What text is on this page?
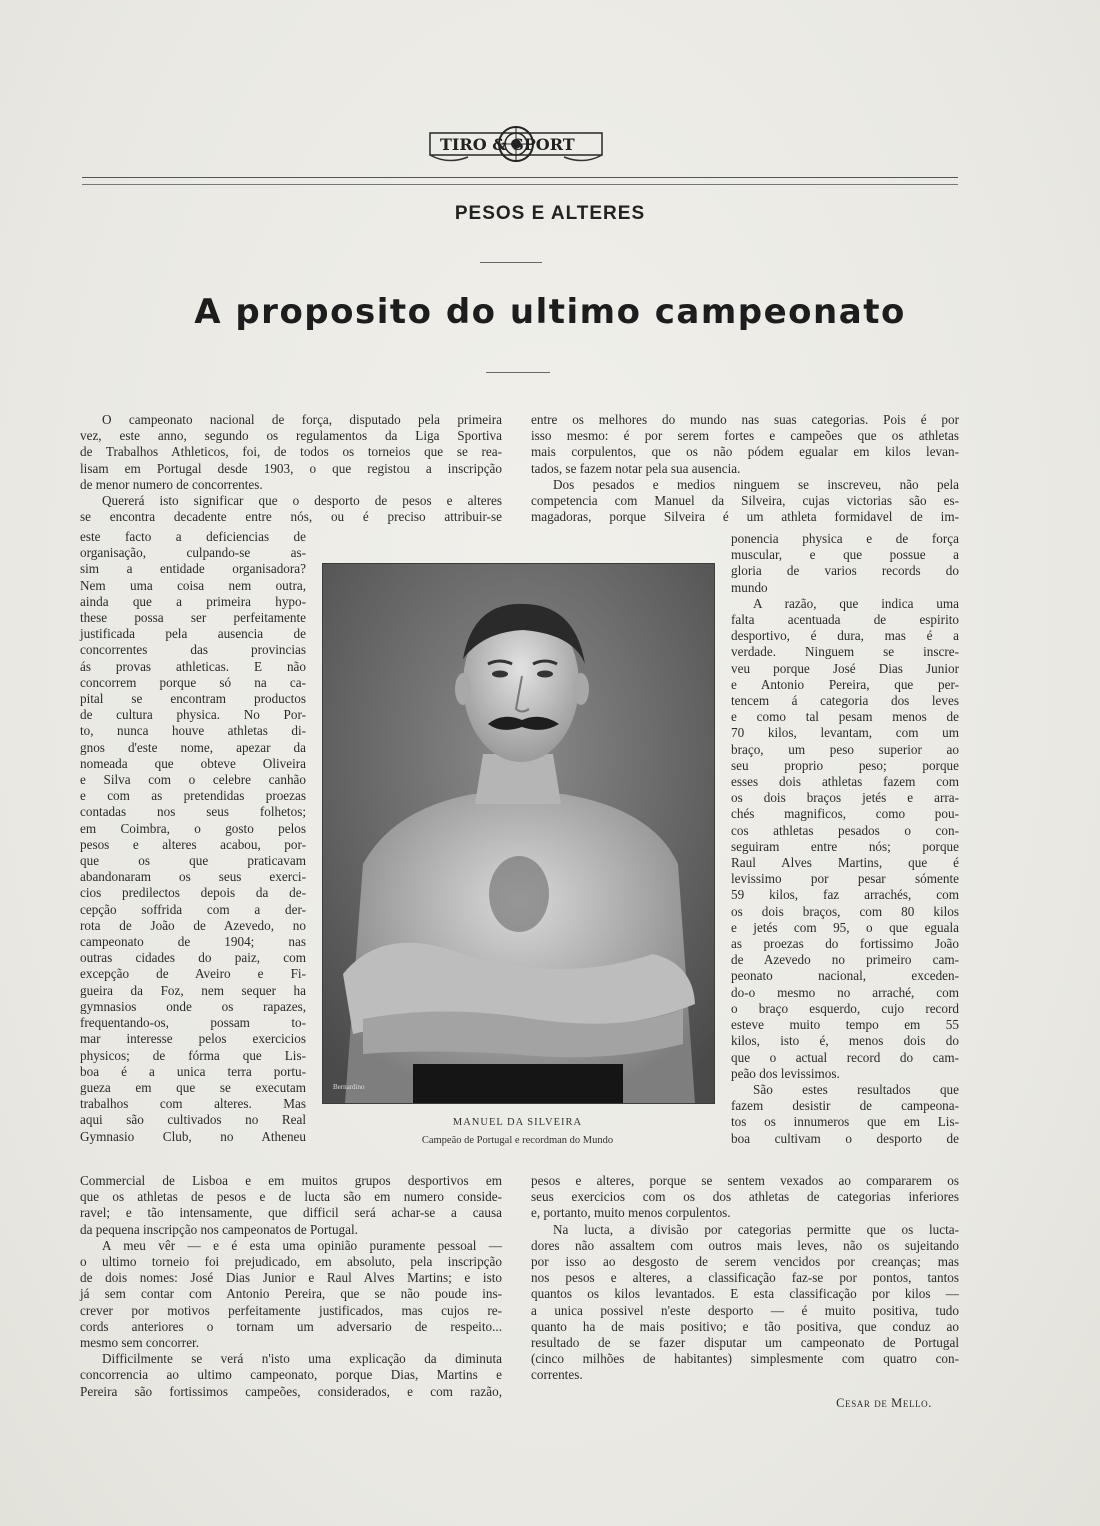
TIRO & SPORT
PESOS E ALTERES
A proposito do ultimo campeonato
O campeonato nacional de força, disputado pela primeira
vez, este anno, segundo os regulamentos da Liga Sportiva
de Trabalhos Athleticos, foi, de todos os torneios que se rea-
lisam em Portugal desde 1903, o que registou a inscripção
de menor numero de concorrentes.
Quererá isto significar que o desporto de pesos e alteres
se encontra decadente entre nós, ou é preciso attribuir-se
este facto a deficiencias de
organisação, culpando-se as-
sim a entidade organisadora?
Nem uma coisa nem outra,
ainda que a primeira hypo-
these possa ser perfeitamente
justificada pela ausencia de
concorrentes das provincias
ás provas athleticas. E não
concorrem porque só na ca-
pital se encontram productos
de cultura physica. No Por-
to, nunca houve athletas di-
gnos d'este nome, apezar da
nomeada que obteve Oliveira
e Silva com o celebre canhão
e com as pretendidas proezas
contadas nos seus folhetos;
em Coimbra, o gosto pelos
pesos e alteres acabou, por-
que os que praticavam
abandonaram os seus exerci-
cios predilectos depois da de-
cepção soffrida com a der-
rota de João de Azevedo, no
campeonato de 1904; nas
outras cidades do paiz, com
excepção de Aveiro e Fi-
gueira da Foz, nem sequer ha
gymnasios onde os rapazes,
frequentando-os, possam to-
mar interesse pelos exercicios
physicos; de fórma que Lis-
boa é a unica terra portu-
gueza em que se executam
trabalhos com alteres. Mas
aqui são cultivados no Real
Gymnasio Club, no Atheneu
Commercial de Lisboa e em muitos grupos desportivos em
que os athletas de pesos e de lucta são em numero conside-
ravel; e tão intensamente, que difficil será achar-se a causa
da pequena inscripção nos campeonatos de Portugal.
A meu vêr — e é esta uma opinião puramente pessoal —
o ultimo torneio foi prejudicado, em absoluto, pela inscripção
de dois nomes: José Dias Junior e Raul Alves Martins; e isto
já sem contar com Antonio Pereira, que se não poude ins-
crever por motivos perfeitamente justificados, mas cujos re-
cords anteriores o tornam um adversario de respeito...
mesmo sem concorrer.
Difficilmente se verá n'isto uma explicação da diminuta
concorrencia ao ultimo campeonato, porque Dias, Martins e
Pereira são fortissimos campeões, considerados, e com razão,
entre os melhores do mundo nas suas categorias. Pois é por
isso mesmo: é por serem fortes e campeões que os athletas
mais corpulentos, que os não pódem egualar em kilos levan-
tados, se fazem notar pela sua ausencia.
Dos pesados e medios ninguem se inscreveu, não pela
competencia com Manuel da Silveira, cujas victorias são es-
magadoras, porque Silveira é um athleta formidavel de im-
ponencia physica e de força
muscular, e que possue a
gloria de varios records do
mundo
A razão, que indica uma
falta acentuada de espirito
desportivo, é dura, mas é a
verdade. Ninguem se inscre-
veu porque José Dias Junior
e Antonio Pereira, que per-
tencem á categoria dos leves
e como tal pesam menos de
70 kilos, levantam, com um
braço, um peso superior ao
seu proprio peso; porque
esses dois athletas fazem com
os dois braços jetés e arra-
chés magnificos, como pou-
cos athletas pesados o con-
seguiram entre nós; porque
Raul Alves Martins, que é
levissimo por pesar sómente
59 kilos, faz arrachés, com
os dois braços, com 80 kilos
e jetés com 95, o que eguala
as proezas do fortissimo João
de Azevedo no primeiro cam-
peonato nacional, exceden-
do-o mesmo no arraché, com
o braço esquerdo, cujo record
esteve muito tempo em 55
kilos, isto é, menos dois do
que o actual record do cam-
peão dos levissimos.
São estes resultados que
fazem desistir de campeona-
tos os innumeros que em Lis-
boa cultivam o desporto de
pesos e alteres, porque se sentem vexados ao compararem os
seus exercicios com os dos athletas de categorias inferiores
e, portanto, muito menos corpulentos.
Na lucta, a divisão por categorias permitte que os lucta-
dores não assaltem com outros mais leves, não os sujeitando
por isso ao desgosto de serem vencidos por creanças; mas
nos pesos e alteres, a classificação faz-se por pontos, tantos
quantos os kilos levantados. E esta classificação por kilos —
a unica possivel n'este desporto — é muito positiva, tudo
quanto ha de mais positivo; e tão positiva, que conduz ao
resultado de se fazer disputar um campeonato de Portugal
(cinco milhões de habitantes) simplesmente com quatro con-
correntes.
Bernardino
MANUEL DA SILVEIRA
Campeão de Portugal e recordman do Mundo
Cesar de Mello.
